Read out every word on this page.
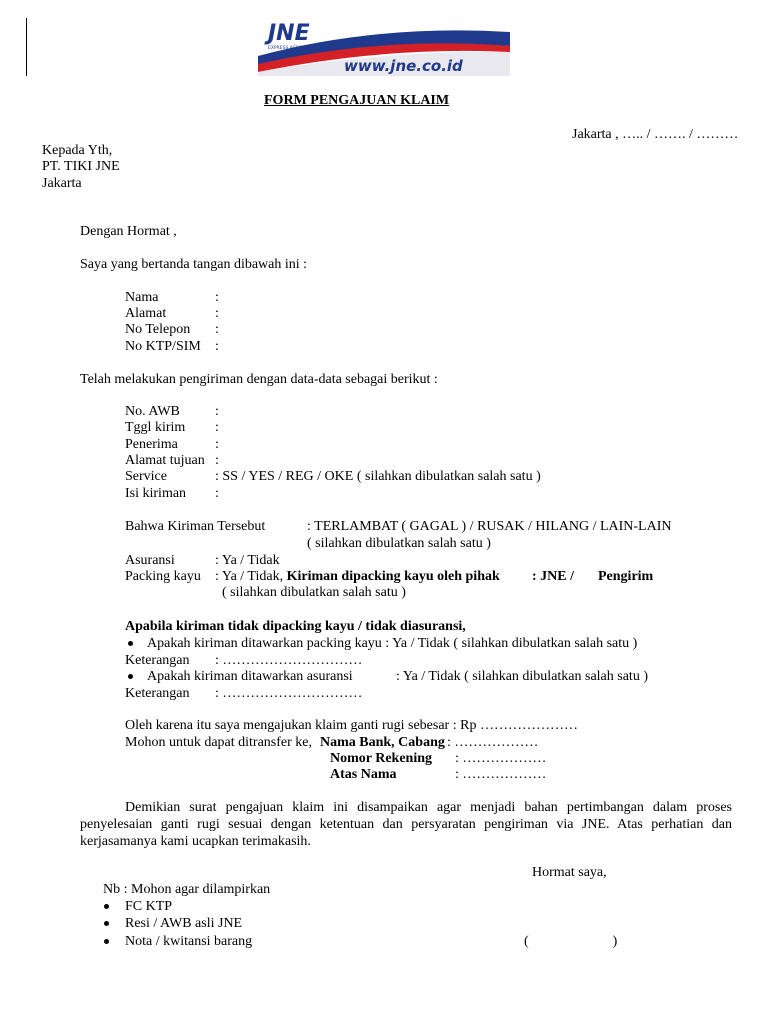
JNE
EXPRESS ACROSS NATIONS
www.jne.co.id
FORM PENGAJUAN KLAIM
Jakarta , ….. / ……. / ………
Kepada Yth,
PT. TIKI JNE
Jakarta
Dengan Hormat ,
Saya yang bertanda tangan dibawah ini :
Nama	:
Alamat	:
No Telepon :
No KTP/SIM :
Telah melakukan pengiriman dengan data-data sebagai berikut :
No. AWB	:
Tggl kirim :
Penerima	:
Alamat tujuan :
Service	: SS / YES / REG / OKE ( silahkan dibulatkan salah satu )
Isi kiriman :
Bahwa Kiriman Tersebut	: TERLAMBAT ( GAGAL ) / RUSAK / HILANG / LAIN-LAIN
( silahkan dibulatkan salah satu )
Asuransi	: Ya / Tidak
Packing kayu : Ya / Tidak, Kiriman dipacking kayu oleh pihak : JNE / Pengirim
( silahkan dibulatkan salah satu )
Apabila kiriman tidak dipacking kayu / tidak diasuransi,
Apakah kiriman ditawarkan packing kayu : Ya / Tidak ( silahkan dibulatkan salah satu )
Keterangan : …………………………
Apakah kiriman ditawarkan asuransi	: Ya / Tidak ( silahkan dibulatkan salah satu )
Keterangan : …………………………
Oleh karena itu saya mengajukan klaim ganti rugi sebesar : Rp …………………
Mohon untuk dapat ditransfer ke, Nama Bank, Cabang : ………………
Nomor Rekening : ………………
Atas Nama	: ………………
Demikian surat pengajuan klaim ini disampaikan agar menjadi bahan pertimbangan dalam proses penyelesaian ganti rugi sesuai dengan ketentuan dan persyaratan pengiriman via JNE. Atas perhatian dan kerjasamanya kami ucapkan terimakasih.
Hormat saya,
Nb : Mohon agar dilampirkan
FC KTP
Resi / AWB asli JNE
Nota / kwitansi barang	(                        )
